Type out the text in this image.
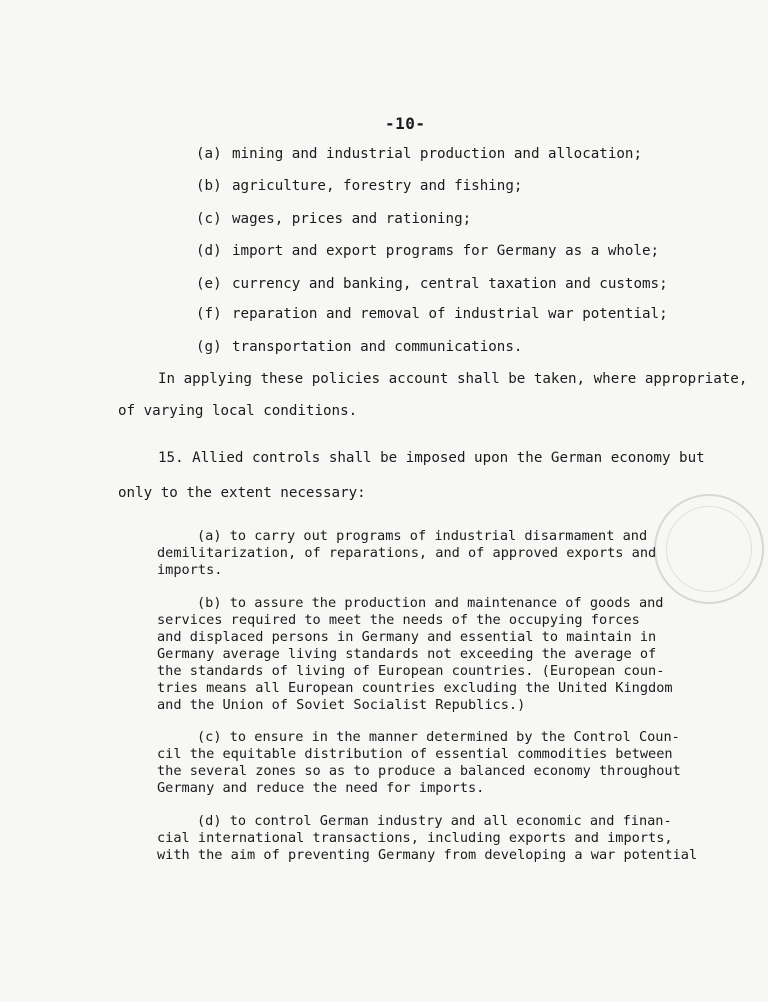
-10-
(a) mining and industrial production and allocation;
(b) agriculture, forestry and fishing;
(c) wages, prices and rationing;
(d) import and export programs for Germany as a whole;
(e) currency and banking, central taxation and customs;
(f) reparation and removal of industrial war potential;
(g) transportation and communications.
In applying these policies account shall be taken, where appropriate,
of varying local conditions.
15. Allied controls shall be imposed upon the German economy but
only to the extent necessary:
(a) to carry out programs of industrial disarmament and
demilitarization, of reparations, and of approved exports and
imports.
(b) to assure the production and maintenance of goods and
services required to meet the needs of the occupying forces
and displaced persons in Germany and essential to maintain in
Germany average living standards not exceeding the average of
the standards of living of European countries. (European coun-
tries means all European countries excluding the United Kingdom
and the Union of Soviet Socialist Republics.)
(c) to ensure in the manner determined by the Control Coun-
cil the equitable distribution of essential commodities between
the several zones so as to produce a balanced economy throughout
Germany and reduce the need for imports.
(d) to control German industry and all economic and finan-
cial international transactions, including exports and imports,
with the aim of preventing Germany from developing a war potential
